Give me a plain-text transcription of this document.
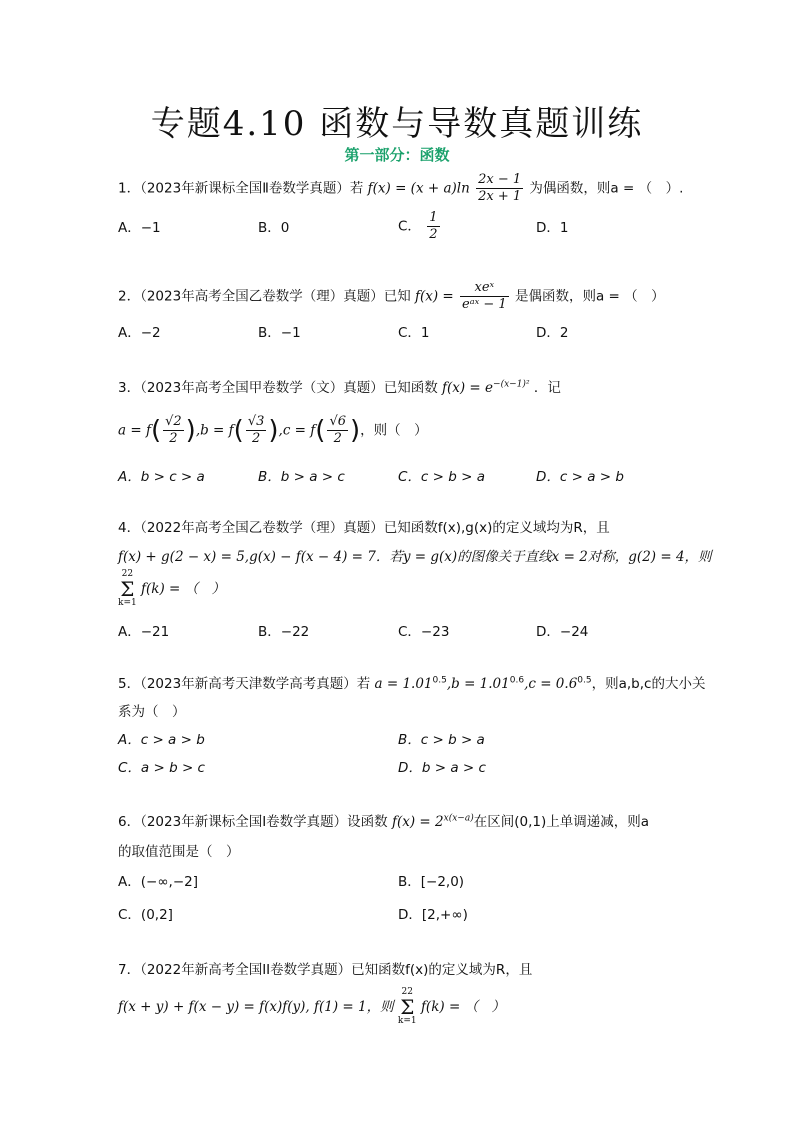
专题4.10 函数与导数真题训练
第一部分：函数
1．（2023年新课标全国Ⅱ卷数学真题）若 $f(x) = (x + a)\ln \frac{2x - 1}{2x + 1}$ 为偶函数，则a = （　）.
A．−1	B．0	C． $\frac{1}{2}$	D．1
2．（2023年高考全国乙卷数学（理）真题）已知 $f(x) = \frac{\text{xeˣ}}{\text{eᵃˣ − 1}}$ 是偶函数，则a = （　）
A．−2	B．−1	C．1	D．2
3．（2023年高考全国甲卷数学（文）真题）已知函数 $f(x) = e^{-(x-1)^2}$ ．记
$a = f( \frac{√2}{2} ),b = f( \frac{√3}{2} ),c = f( \frac{√6}{2}$ )，则（　）
A．b > c > a	B．b > a > c	C．c > b > a	D．c > a > b
4．（2022年高考全国乙卷数学（理）真题）已知函数f(x),g(x)的定义域均为R，且
f(x) + g(2 − x) = 5,g(x) − f(x − 4) = 7．若y = g(x)的图像关于直线x = 2对称，g(2) = 4，则
22
Σ
k=1 f(k) = （　）
A．−21	B．−22	C．−23	D．−24
5．（2023年新高考天津数学高考真题）若 $a = 1.01^{0.5},b = 1.01^{0.6},c = 0.6^{0.5}$，则a,b,c的大小关
系为（　）
A．c > a > b	B．c > b > a
C．a > b > c	D．b > a > c
6．（2023年新课标全国Ⅰ卷数学真题）设函数 $f(x) = 2^{x(x-a)}$在区间(0,1)上单调递减，则a
的取值范围是（　）
A．(−∞,−2]	B．[−2,0)
C．(0,2]	D．[2,+∞)
7．（2022年新高考全国II卷数学真题）已知函数f(x)的定义域为R，且
f(x + y) + f(x − y) = f(x)f(y), f(1) = 1，则 22
Σ
k=1 f(k) = （　）
